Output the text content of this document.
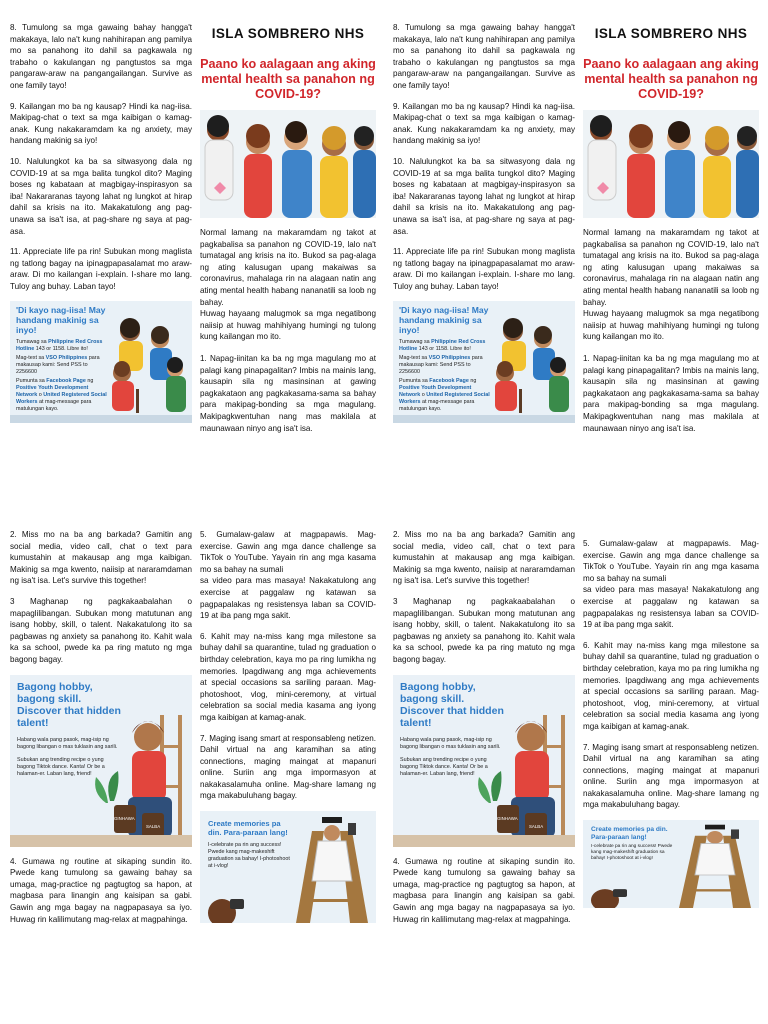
8. Tumulong sa mga gawaing bahay hangga't makakaya, lalo na't kung nahihirapan ang pamilya mo sa panahong ito dahil sa pagkawala ng trabaho o kakulangan ng pangtustos sa mga pangaraw-araw na pangangailangan. Survive as one family tayo!
9. Kailangan mo ba ng kausap? Hindi ka nag-iisa. Makipag-chat o text sa mga kaibigan o kamag-anak. Kung nakakaramdam ka ng anxiety, may handang makinig sa iyo!
10. Nalulungkot ka ba sa sitwasyong dala ng COVID-19 at sa mga balita tungkol dito? Maging boses ng kabataan at magbigay-inspirasyon sa iba! Nakararanas tayong lahat ng lungkot at hirap dahil sa krisis na ito. Makakatulong ang pag-unawa sa isa't isa, at pag-share ng saya at pag-asa.
11. Appreciate life pa rin! Subukan mong maglista ng tatlong bagay na ipinagpapasalamat mo araw-araw. Di mo kailangan i-explain. I-share mo lang. Tuloy ang buhay. Laban tayo!
'Di kayo nag-iisa! May handang makinig sa inyo!
Tumawag sa Philippine Red Cross Hotline 143 or 1158. Libre ito!
Mag-text sa VSO Philippines para makausap kami: Send PSS to 2256600
Pumunta sa Facebook Page ng Positive Youth Development Network o United Registered Social Workers at mag-message para matulungan kayo.
ISLA SOMBRERO NHS
Paano ko aalagaan ang aking mental health sa panahon ng COVID-19?
Normal lamang na makaramdam ng takot at pagkabalisa sa panahon ng COVID-19, lalo na't tumatagal ang krisis na ito. Bukod sa pag-alaga ng ating kalusugan upang makaiwas sa coronavirus, mahalaga rin na alagaan natin ang ating mental health habang nananatili sa loob ng bahay.
Huwag hayaang malugmok sa mga negatibong naiisip at huwag mahihiyang humingi ng tulong kung kailangan mo ito.
1. Napag-iinitan ka ba ng mga magulang mo at palagi kang pinapagalitan? Imbis na mainis lang, kausapin sila ng masinsinan at gawing pagkakataon ang pagkakasama-sama sa bahay para makipag-bonding sa mga magulang. Makipagkwentuhan nang mas makilala at maunawaan ninyo ang isa't isa.
8. Tumulong sa mga gawaing bahay hangga't makakaya, lalo na't kung nahihirapan ang pamilya mo sa panahong ito dahil sa pagkawala ng trabaho o kakulangan ng pangtustos sa mga pangaraw-araw na pangangailangan. Survive as one family tayo!
9. Kailangan mo ba ng kausap? Hindi ka nag-iisa. Makipag-chat o text sa mga kaibigan o kamag-anak. Kung nakakaramdam ka ng anxiety, may handang makinig sa iyo!
10. Nalulungkot ka ba sa sitwasyong dala ng COVID-19 at sa mga balita tungkol dito? Maging boses ng kabataan at magbigay-inspirasyon sa iba! Nakararanas tayong lahat ng lungkot at hirap dahil sa krisis na ito. Makakatulong ang pag-unawa sa isa't isa, at pag-share ng saya at pag-asa.
11. Appreciate life pa rin! Subukan mong maglista ng tatlong bagay na ipinagpapasalamat mo araw-araw. Di mo kailangan i-explain. I-share mo lang. Tuloy ang buhay. Laban tayo!
'Di kayo nag-iisa! May handang makinig sa inyo!
Tumawag sa Philippine Red Cross Hotline 143 or 1158. Libre ito!
Mag-text sa VSO Philippines para makausap kami: Send PSS to 2256600
Pumunta sa Facebook Page ng Positive Youth Development Network o United Registered Social Workers at mag-message para matulungan kayo.
ISLA SOMBRERO NHS
Paano ko aalagaan ang aking mental health sa panahon ng COVID-19?
Normal lamang na makaramdam ng takot at pagkabalisa sa panahon ng COVID-19, lalo na't tumatagal ang krisis na ito. Bukod sa pag-alaga ng ating kalusugan upang makaiwas sa coronavirus, mahalaga rin na alagaan natin ang ating mental health habang nananatili sa loob ng bahay.
Huwag hayaang malugmok sa mga negatibong naiisip at huwag mahihiyang humingi ng tulong kung kailangan mo ito.
1. Napag-iinitan ka ba ng mga magulang mo at palagi kang pinapagalitan? Imbis na mainis lang, kausapin sila ng masinsinan at gawing pagkakataon ang pagkakasama-sama sa bahay para makipag-bonding sa mga magulang. Makipagkwentuhan nang mas makilala at maunawaan ninyo ang isa't isa.
2. Miss mo na ba ang barkada? Gamitin ang social media, video call, chat o text para kumustahin at makausap ang mga kaibigan. Makinig sa mga kwento, naiisip at nararamdaman ng isa't isa. Let's survive this together!
3 Maghanap ng pagkakaabalahan o mapaglilibangan. Subukan mong matutunan ang isang hobby, skill, o talent. Nakakatulong ito sa pagbawas ng anxiety sa panahong ito. Kahit wala ka sa school, pwede ka pa ring matuto ng mga bagong bagay.
Bagong hobby, bagong skill. Discover that hidden talent!
Habang wala pang pasok, mag-isip ng bagong libangan o mas tuklasin ang sarili.
Subukan ang trending recipe o yung bagong Tiktok dance. Kanta! Or be a halaman-er. Laban lang, friend!
GINHAWA
SALBA
4. Gumawa ng routine at sikaping sundin ito. Pwede kang tumulong sa gawaing bahay sa umaga, mag-practice ng pagtugtog sa hapon, at magbasa para linangin ang kaisipan sa gabi. Gawin ang mga bagay na nagpapasaya sa iyo. Huwag rin kalilimutang mag-relax at magpahinga.
5. Gumalaw-galaw at magpapawis. Mag-exercise. Gawin ang mga dance challenge sa TikTok o YouTube. Yayain rin ang mga kasama mo sa bahay na sumali
sa video para mas masaya! Nakakatulong ang exercise at paggalaw ng katawan sa pagpapalakas ng resistensya laban sa COVID-19 at iba pang mga sakit.
6. Kahit may na-miss kang mga milestone sa buhay dahil sa quarantine, tulad ng graduation o birthday celebration, kaya mo pa ring lumikha ng memories. Ipagdiwang ang mga achievements at special occasions sa sariling paraan. Mag-photoshoot, vlog, mini-ceremony, at virtual celebration sa social media kasama ang iyong mga kaibigan at kamag-anak.
7. Maging isang smart at responsableng netizen. Dahil virtual na ang karamihan sa ating connections, maging maingat at mapanuri online. Suriin ang mga impormasyon at nakakasalamuha online. Mag-share lamang ng mga makabuluhang bagay.
Create memories pa din. Para-paraan lang!
I-celebrate pa rin ang success! Pwede kang mag-makeshift graduation sa bahay! I-photoshoot at i-vlog!
2. Miss mo na ba ang barkada? Gamitin ang social media, video call, chat o text para kumustahin at makausap ang mga kaibigan. Makinig sa mga kwento, naiisip at nararamdaman ng isa't isa. Let's survive this together!
3 Maghanap ng pagkakaabalahan o mapaglilibangan. Subukan mong matutunan ang isang hobby, skill, o talent. Nakakatulong ito sa pagbawas ng anxiety sa panahong ito. Kahit wala ka sa school, pwede ka pa ring matuto ng mga bagong bagay.
Bagong hobby, bagong skill. Discover that hidden talent!
Habang wala pang pasok, mag-isip ng bagong libangan o mas tuklasin ang sarili.
Subukan ang trending recipe o yung bagong Tiktok dance. Kanta! Or be a halaman-er. Laban lang, friend!
GINHAWA
SALBA
4. Gumawa ng routine at sikaping sundin ito. Pwede kang tumulong sa gawaing bahay sa umaga, mag-practice ng pagtugtog sa hapon, at magbasa para linangin ang kaisipan sa gabi. Gawin ang mga bagay na nagpapasaya sa iyo. Huwag rin kalilimutang mag-relax at magpahinga.
5. Gumalaw-galaw at magpapawis. Mag-exercise. Gawin ang mga dance challenge sa TikTok o YouTube. Yayain rin ang mga kasama mo sa bahay na sumali
sa video para mas masaya! Nakakatulong ang exercise at paggalaw ng katawan sa pagpapalakas ng resistensya laban sa COVID-19 at iba pang mga sakit.
6. Kahit may na-miss kang mga milestone sa buhay dahil sa quarantine, tulad ng graduation o birthday celebration, kaya mo pa ring lumikha ng memories. Ipagdiwang ang mga achievements at special occasions sa sariling paraan. Mag-photoshoot, vlog, mini-ceremony, at virtual celebration sa social media kasama ang iyong mga kaibigan at kamag-anak.
7. Maging isang smart at responsableng netizen. Dahil virtual na ang karamihan sa ating connections, maging maingat at mapanuri online. Suriin ang mga impormasyon at nakakasalamuha online. Mag-share lamang ng mga makabuluhang bagay.
Create memories pa din. Para-paraan lang!
I-celebrate pa rin ang success! Pwede kang mag-makeshift graduation sa bahay! I-photoshoot at i-vlog!
